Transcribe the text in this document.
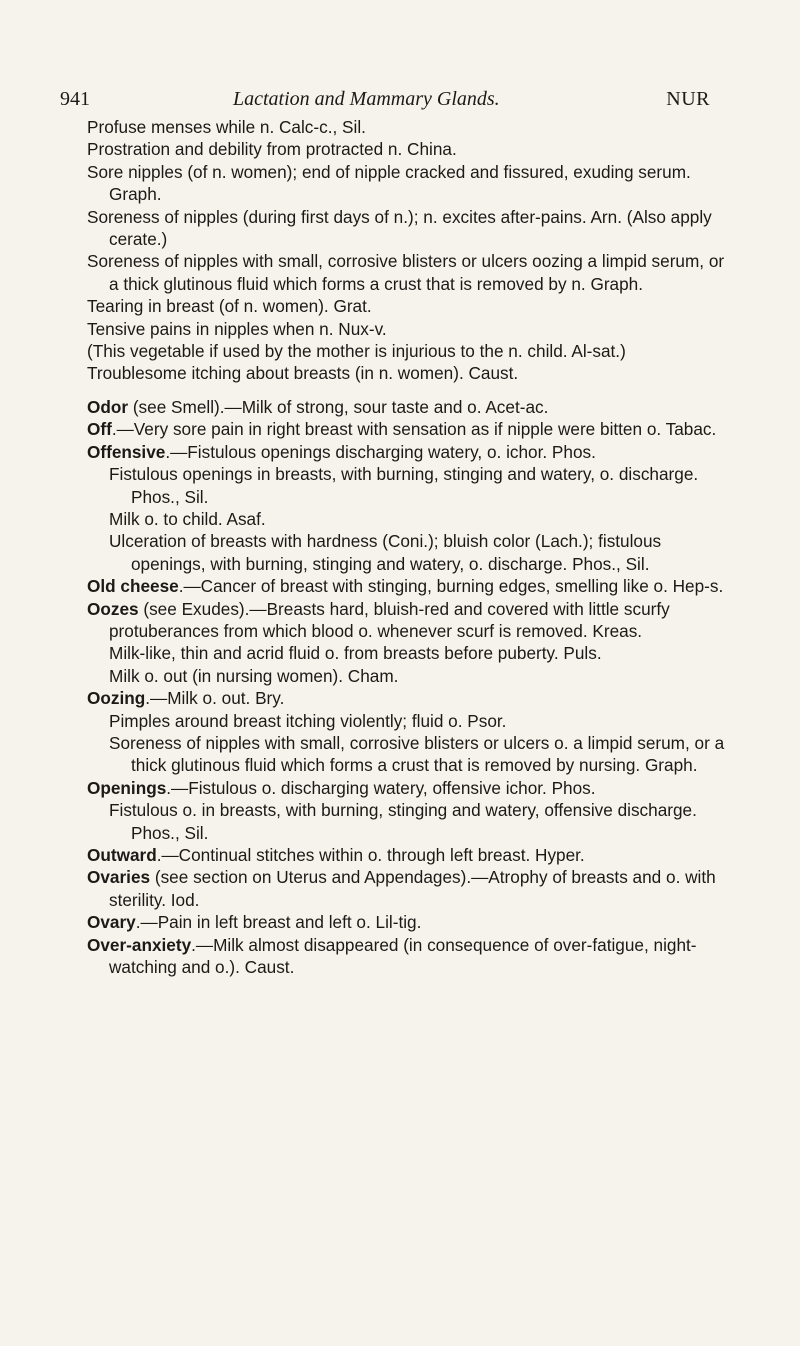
941	Lactation and Mammary Glands.	NUR

Profuse menses while n. Calc-c., Sil.

Prostration and debility from protracted n. China.

Sore nipples (of n. women); end of nipple cracked and fissured, exuding serum. Graph.

Soreness of nipples (during first days of n.); n. excites after-pains. Arn. (Also apply cerate.)

Soreness of nipples with small, corrosive blisters or ulcers oozing a limpid serum, or a thick glutinous fluid which forms a crust that is removed by n. Graph.

Tearing in breast (of n. women). Grat.

Tensive pains in nipples when n. Nux-v.

(This vegetable if used by the mother is injurious to the n. child. Al-sat.)

Troublesome itching about breasts (in n. women). Caust.

Odor (see Smell).—Milk of strong, sour taste and o. Acet-ac.

Off.—Very sore pain in right breast with sensation as if nipple were bitten o. Tabac.

Offensive.—Fistulous openings discharging watery, o. ichor. Phos.

Fistulous openings in breasts, with burning, stinging and watery, o. discharge. Phos., Sil.

Milk o. to child. Asaf.

Ulceration of breasts with hardness (Coni.); bluish color (Lach.); fistulous openings, with burning, stinging and watery, o. discharge. Phos., Sil.

Old cheese.—Cancer of breast with stinging, burning edges, smelling like o. Hep-s.

Oozes (see Exudes).—Breasts hard, bluish-red and covered with little scurfy protuberances from which blood o. whenever scurf is removed. Kreas.

Milk-like, thin and acrid fluid o. from breasts before puberty. Puls.

Milk o. out (in nursing women). Cham.

Oozing.—Milk o. out. Bry.

Pimples around breast itching violently; fluid o. Psor.

Soreness of nipples with small, corrosive blisters or ulcers o. a limpid serum, or a thick glutinous fluid which forms a crust that is removed by nursing. Graph.

Openings.—Fistulous o. discharging watery, offensive ichor. Phos.

Fistulous o. in breasts, with burning, stinging and watery, offensive discharge. Phos., Sil.

Outward.—Continual stitches within o. through left breast. Hyper.

Ovaries (see section on Uterus and Appendages).—Atrophy of breasts and o. with sterility. Iod.

Ovary.—Pain in left breast and left o. Lil-tig.

Over-anxiety.—Milk almost disappeared (in consequence of over-fatigue, night-watching and o.). Caust.
